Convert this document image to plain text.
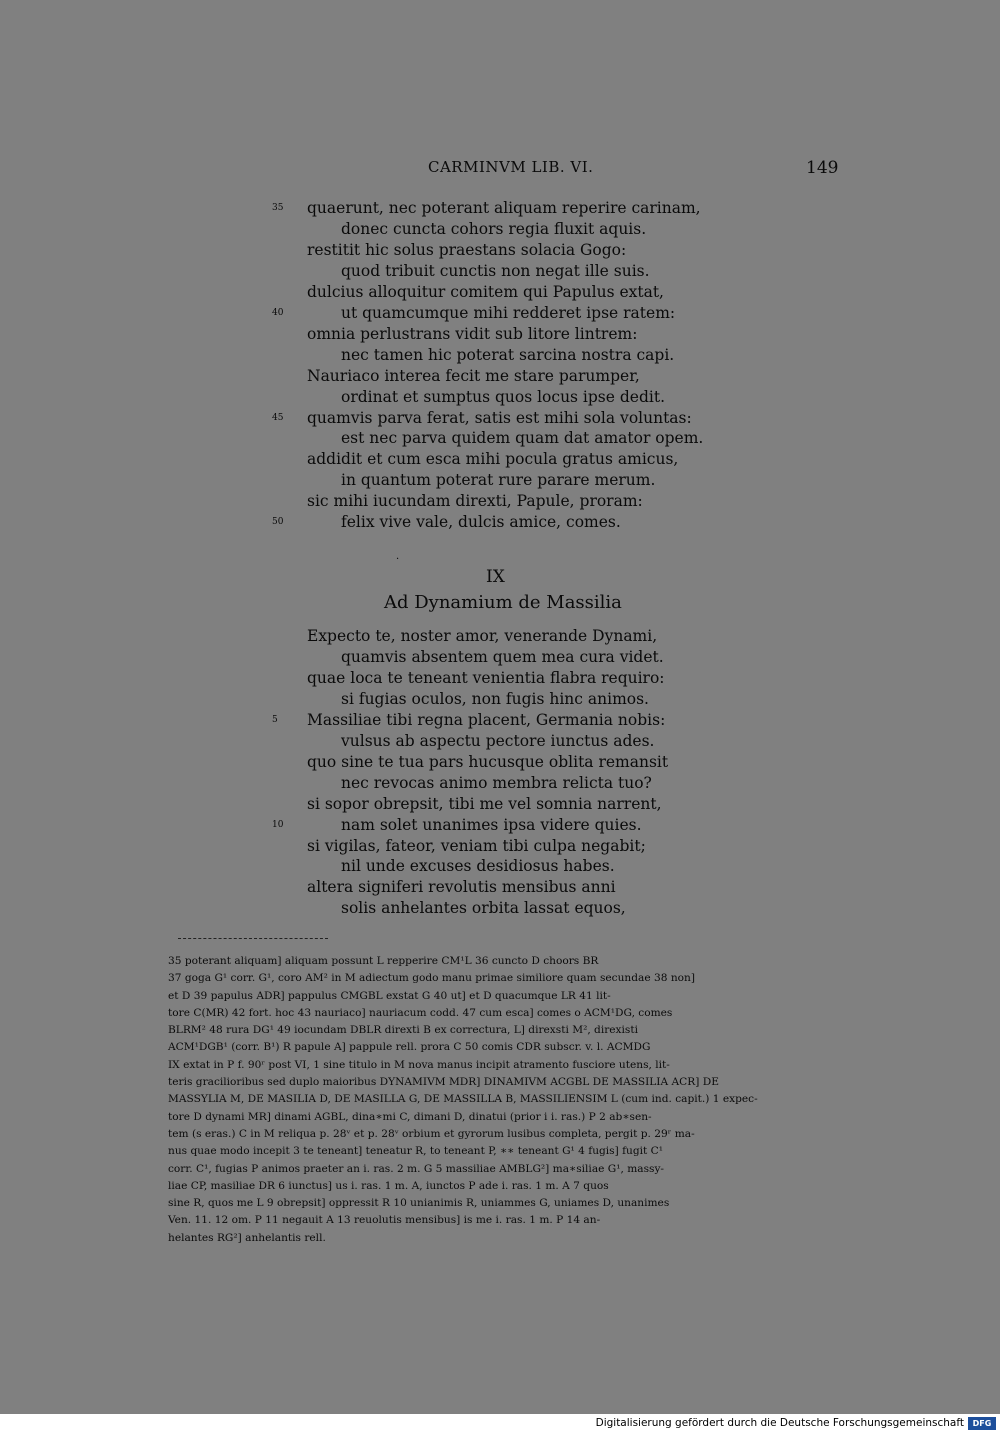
CARMINVM LIB. VI.	149
quaerunt, nec poterant aliquam reperire carinam,
35
donec cuncta cohors regia fluxit aquis.
restitit hic solus praestans solacia Gogo:
quod tribuit cunctis non negat ille suis.
dulcius alloquitur comitem qui Papulus extat,
ut quamcumque mihi redderet ipse ratem:
40
omnia perlustrans vidit sub litore lintrem:
nec tamen hic poterat sarcina nostra capi.
Nauriaco interea fecit me stare parumper,
ordinat et sumptus quos locus ipse dedit.
quamvis parva ferat, satis est mihi sola voluntas:
45
est nec parva quidem quam dat amator opem.
addidit et cum esca mihi pocula gratus amicus,
in quantum poterat rure parare merum.
sic mihi iucundam direxti, Papule, proram:
felix vive vale, dulcis amice, comes.
50
·
IX
Ad Dynamium de Massilia
Expecto te, noster amor, venerande Dynami,
quamvis absentem quem mea cura videt.
quae loca te teneant venientia flabra requiro:
si fugias oculos, non fugis hinc animos.
Massiliae tibi regna placent, Germania nobis:
5
vulsus ab aspectu pectore iunctus ades.
quo sine te tua pars hucusque oblita remansit
nec revocas animo membra relicta tuo?
si sopor obrepsit, tibi me vel somnia narrent,
nam solet unanimes ipsa videre quies.
10
si vigilas, fateor, veniam tibi culpa negabit;
nil unde excuses desidiosus habes.
altera signiferi revolutis mensibus anni
solis anhelantes orbita lassat equos,

35 poterant aliquam] aliquam possunt L repperire CM¹L 36 cuncto D choors BR

37 goga G¹ corr. G¹, coro AM² in M adiectum godo manu primae similiore quam secundae 38 non]

et D 39 papulus ADR] pappulus CMGBL exstat G 40 ut] et D quacumque LR 41 lit-

tore C(MR) 42 fort. hoc 43 nauriaco] nauriacum codd. 47 cum esca] comes o ACM¹DG, comes

BLRM² 48 rura DG¹ 49 iocundam DBLR direxti B ex correctura, L] direxsti M², direxisti

ACM¹DGB¹ (corr. B¹) R papule A] pappule rell. prora C 50 comis CDR subscr. v. l. ACMDG

IX extat in P f. 90ʳ post VI, 1 sine titulo in M nova manus incipit atramento fusciore utens, lit-

teris gracilioribus sed duplo maioribus DYNAMIVM MDR] DINAMIVM ACGBL DE MASSILIA ACR] DE

MASSYLIA M, DE MASILIA D, DE MASILLA G, DE MASSILLA B, MASSILIENSIM L (cum ind. capit.) 1 expec-

tore D dynami MR] dinami AGBL, dina∗mi C, dimani D, dinatui (prior i i. ras.) P 2 ab∗sen-

tem (s eras.) C in M reliqua p. 28ᵛ et p. 28ᵛ orbium et gyrorum lusibus completa, pergit p. 29ʳ ma-

nus quae modo incepit 3 te teneant] teneatur R, to teneant P, ∗∗ teneant G¹ 4 fugis] fugit C¹

corr. C¹, fugias P animos praeter an i. ras. 2 m. G 5 massiliae AMBLG²] ma∗siliae G¹, massy-

liae CP, masiliae DR 6 iunctus] us i. ras. 1 m. A, iunctos P ade i. ras. 1 m. A 7 quos

sine R, quos me L 9 obrepsit] oppressit R 10 unianimis R, uniammes G, uniames D, unanimes

Ven. 11. 12 om. P 11 negauit A 13 reuolutis mensibus] is me i. ras. 1 m. P 14 an-

helantes RG²] anhelantis rell.

Digitalisierung gefördert durch die Deutsche Forschungsgemeinschaft	DFG
